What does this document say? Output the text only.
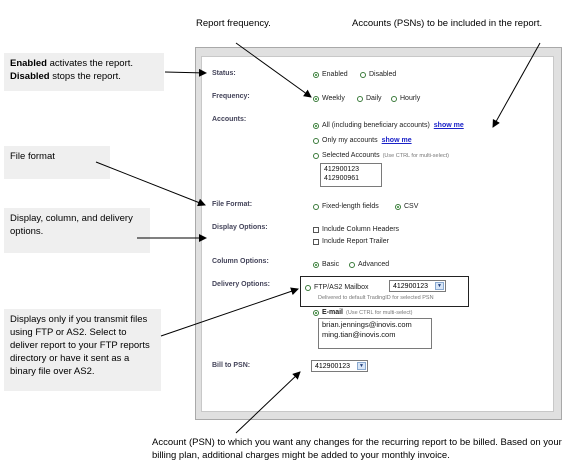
Enabled activates the report.
Disabled stops the report.
File format
Display, column, and delivery options.
Displays only if you transmit files using FTP or AS2. Select to deliver report to your FTP reports directory or have it sent as a binary file over AS2.
Report frequency.	Accounts (PSNs) to be included in the report.
Account (PSN) to which you want any changes for the recurring report to be billed. Based on your billing plan, additional charges might be added to your monthly invoice.
Status:	Enabled	Disabled
Frequency:	Weekly	Daily	Hourly
Accounts:
All (including beneficiary accounts) show me
Only my accounts show me
Selected Accounts (Use CTRL for multi-select)
412900123
412900961
File Format:	Fixed-length fields	CSV
Display Options:	Include Column Headers
Include Report Trailer
Column Options:	Basic	Advanced
Delivery Options:	FTP/AS2 Mailbox	412900123	▼
Delivered to default TradingID for selected PSN
E-mail (Use CTRL for multi-select)
brian.jennings@inovis.com
ming.tian@inovis.com
Bill to PSN:	412900123	▼
